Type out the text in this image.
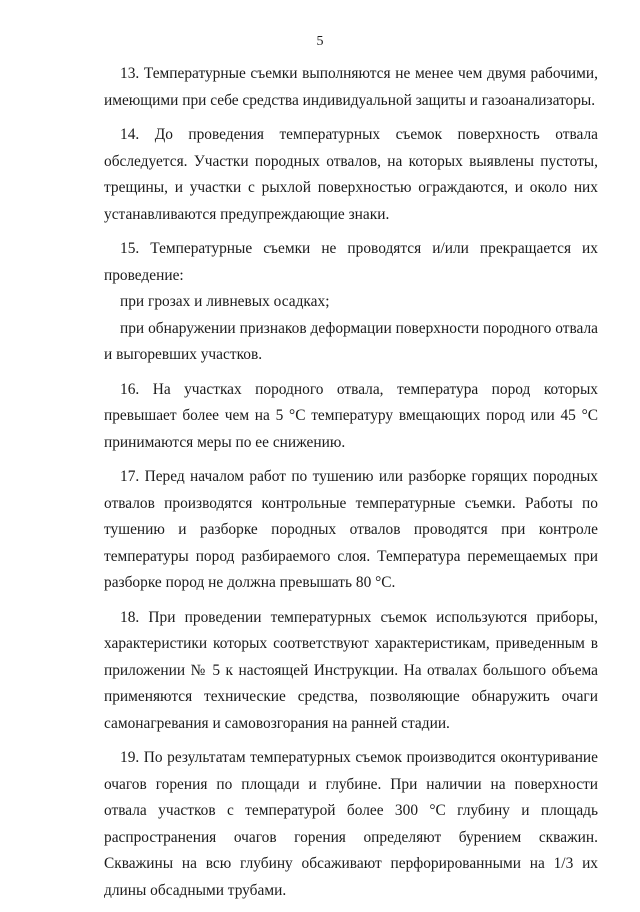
5

13. Температурные съемки выполняются не менее чем двумя рабочими, имеющими при себе средства индивидуальной защиты и газоанализаторы.

14. До проведения температурных съемок поверхность отвала обследуется. Участки породных отвалов, на которых выявлены пустоты, трещины, и участки с рыхлой поверхностью ограждаются, и около них устанавливаются предупреждающие знаки.

15. Температурные съемки не проводятся и/или прекращается их проведение:

при грозах и ливневых осадках;

при обнаружении признаков деформации поверхности породного отвала и выгоревших участков.

16. На участках породного отвала, температура пород которых превышает более чем на 5 °С температуру вмещающих пород или 45 °С принимаются меры по ее снижению.

17. Перед началом работ по тушению или разборке горящих породных отвалов производятся контрольные температурные съемки. Работы по тушению и разборке породных отвалов проводятся при контроле температуры пород разбираемого слоя. Температура перемещаемых при разборке пород не должна превышать 80 °С.

18. При проведении температурных съемок используются приборы, характеристики которых соответствуют характеристикам, приведенным в приложении № 5 к настоящей Инструкции. На отвалах большого объема применяются технические средства, позволяющие обнаружить очаги самонагревания и самовозгорания на ранней стадии.

19. По результатам температурных съемок производится оконтуривание очагов горения по площади и глубине. При наличии на поверхности отвала участков с температурой более 300 °С глубину и площадь распространения очагов горения определяют бурением скважин. Скважины на всю глубину обсаживают перфорированными на 1/3 их длины обсадными трубами.
